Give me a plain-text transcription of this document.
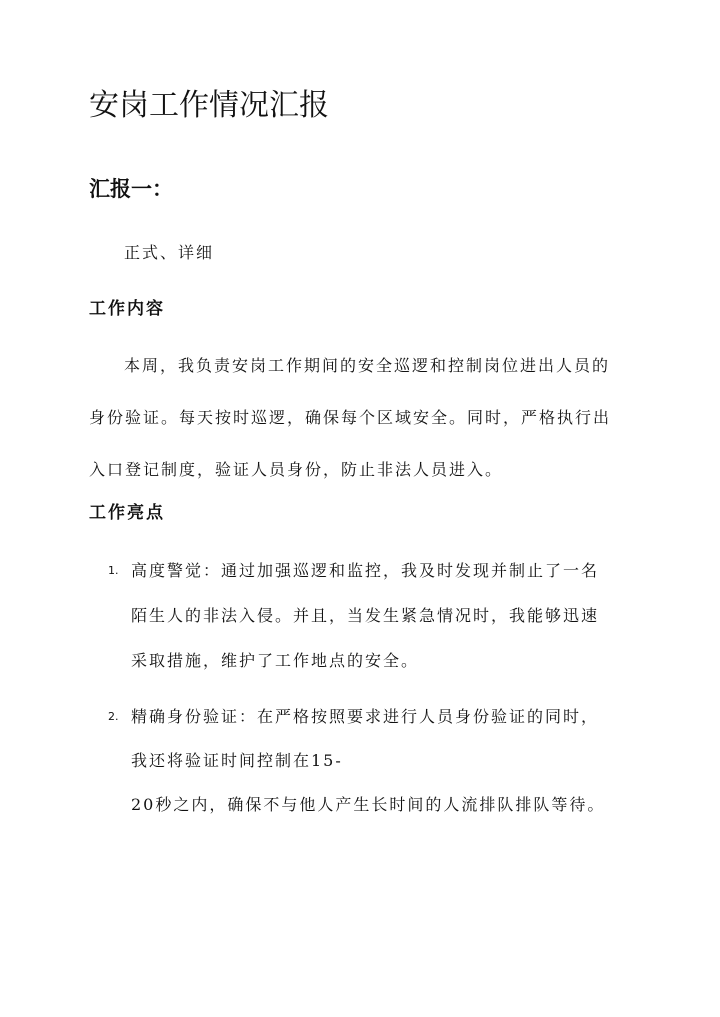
安岗工作情况汇报
汇报一：
正式、详细
工作内容

本周，我负责安岗工作期间的安全巡逻和控制岗位进出人员的
身份验证。每天按时巡逻，确保每个区域安全。同时，严格执行出
入口登记制度，验证人员身份，防止非法人员进入。

工作亮点
1. 高度警觉：通过加强巡逻和监控，我及时发现并制止了一名
陌生人的非法入侵。并且，当发生紧急情况时，我能够迅速
采取措施，维护了工作地点的安全。
2. 精确身份验证：在严格按照要求进行人员身份验证的同时，
我还将验证时间控制在15-
20秒之内，确保不与他人产生长时间的人流排队排队等待。
